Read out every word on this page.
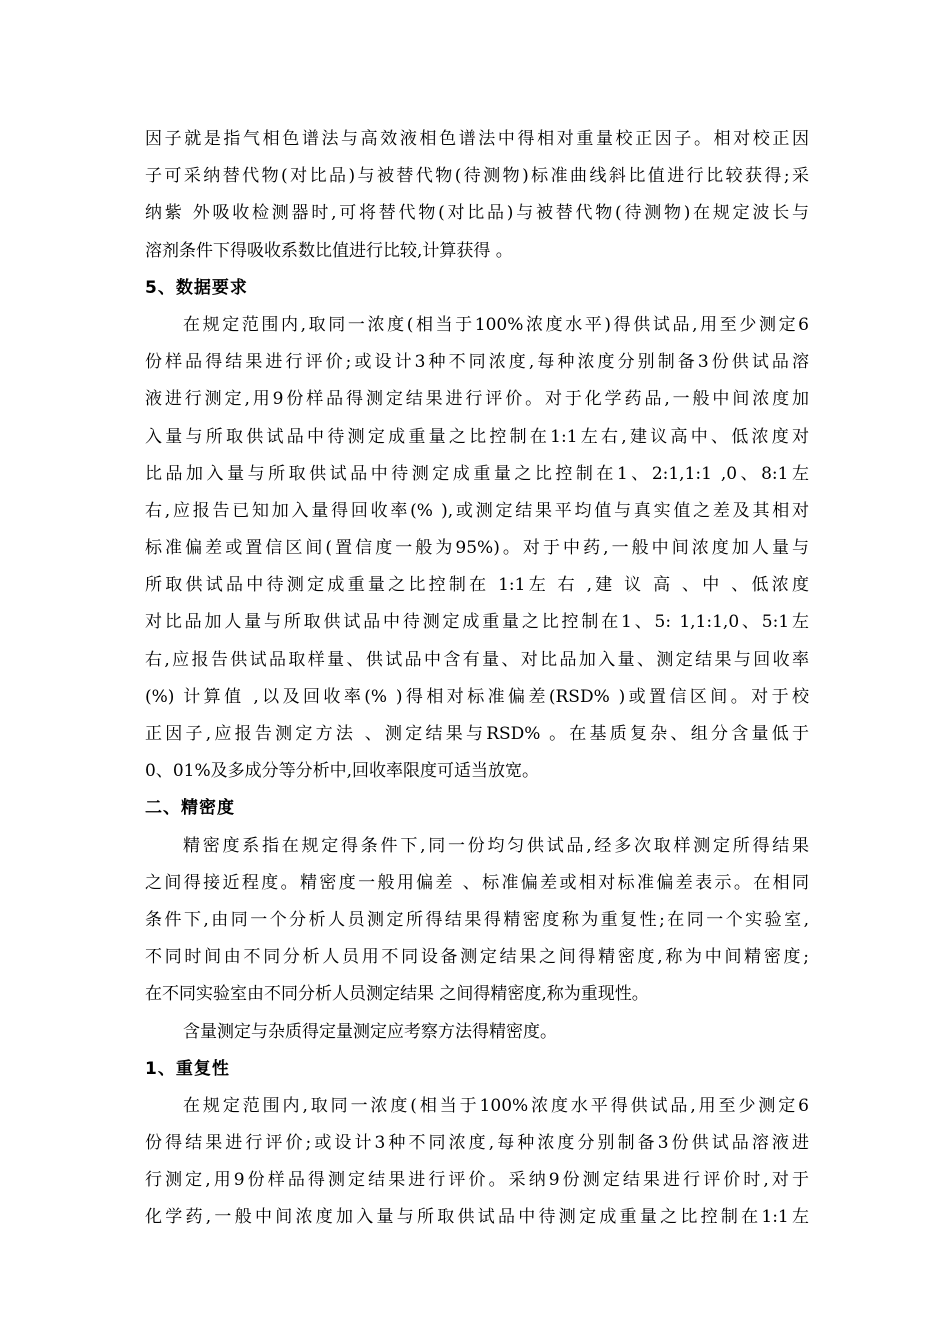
因子就是指气相色谱法与高效液相色谱法中得相对重量校正因子。相对校正因
子可采纳替代物(对比品)与被替代物(待测物)标准曲线斜比值进行比较获得;采
纳紫 外吸收检测器时,可将替代物(对比品)与被替代物(待测物)在规定波长与
溶剂条件下得吸收系数比值进行比较,计算获得 。
5、数据要求
在规定范围内,取同一浓度(相当于100%浓度水平)得供试品,用至少测定6
份样品得结果进行评价;或设计3种不同浓度,每种浓度分别制备3份供试品溶
液进行测定,用9份样品得测定结果进行评价。对于化学药品,一般中间浓度加
入量与所取供试品中待测定成重量之比控制在1:1左右,建议高中、低浓度对
比品加入量与所取供试品中待测定成重量之比控制在1、2:1,1:1 ,0、8:1左
右,应报告已知加入量得回收率(% ),或测定结果平均值与真实值之差及其相对
标准偏差或置信区间(置信度一般为95%)。对于中药,一般中间浓度加人量与
所取供试品中待测定成重量之比控制在 1:1左 右 ,建 议 高 、中 、低浓度
对比品加人量与所取供试品中待测定成重量之比控制在1、5: 1,1:1,0、5:1左
右,应报告供试品取样量、供试品中含有量、对比品加入量、测定结果与回收率
(%) 计算值 ,以及回收率(% )得相对标准偏差(RSD% )或置信区间。对于校
正因子,应报告测定方法 、测定结果与RSD% 。在基质复杂、组分含量低于
0、01%及多成分等分析中,回收率限度可适当放宽。
二、精密度
精密度系指在规定得条件下,同一份均匀供试品,经多次取样测定所得结果
之间得接近程度。精密度一般用偏差 、标准偏差或相对标准偏差表示。在相同
条件下,由同一个分析人员测定所得结果得精密度称为重复性;在同一个实验室,
不同时间由不同分析人员用不同设备测定结果之间得精密度,称为中间精密度;
在不同实验室由不同分析人员测定结果 之间得精密度,称为重现性。
含量测定与杂质得定量测定应考察方法得精密度。
1、重复性
在规定范围内,取同一浓度(相当于100%浓度水平得供试品,用至少测定6
份得结果进行评价;或设计3种不同浓度,每种浓度分别制备3份供试品溶液进
行测定,用9份样品得测定结果进行评价。采纳9份测定结果进行评价时,对于
化学药,一般中间浓度加入量与所取供试品中待测定成重量之比控制在1:1左
